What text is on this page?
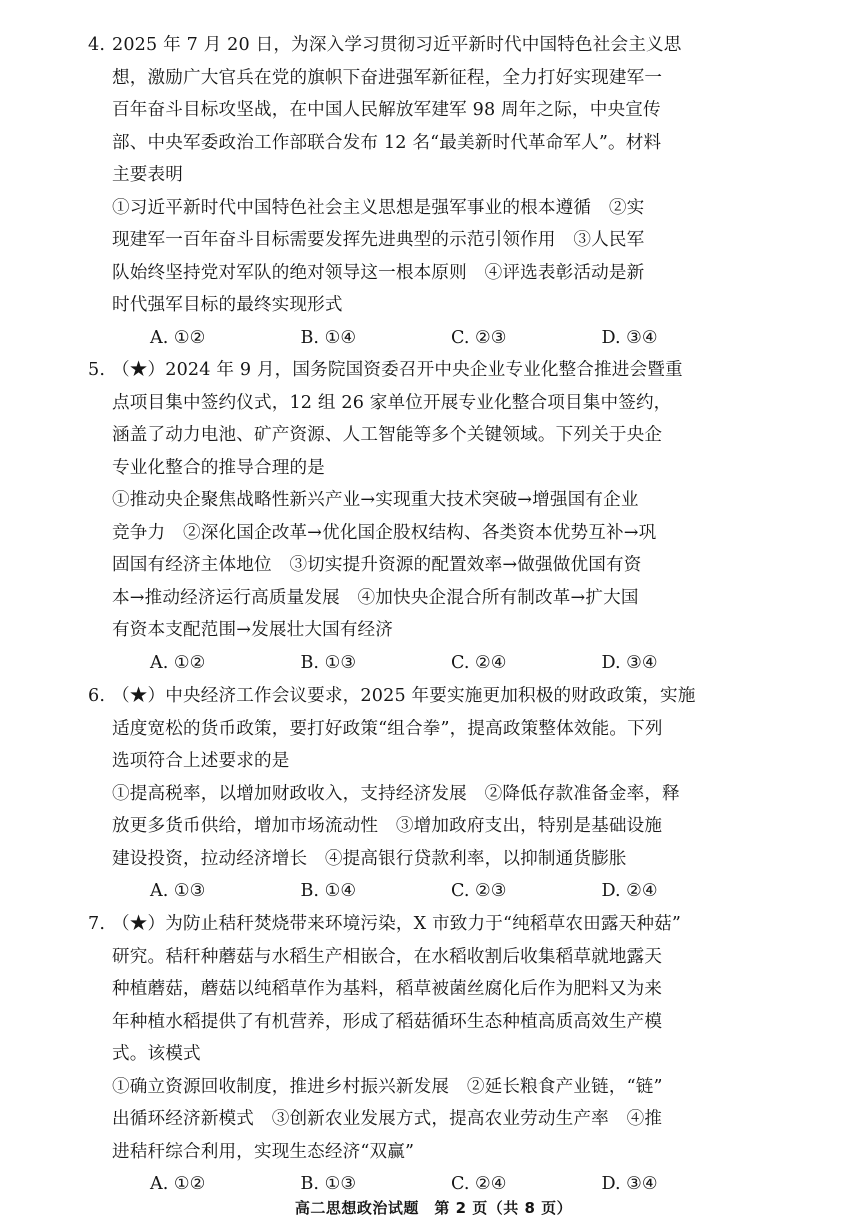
4. 2025 年 7 月 20 日，为深入学习贯彻习近平新时代中国特色社会主义思
想，激励广大官兵在党的旗帜下奋进强军新征程，全力打好实现建军一
百年奋斗目标攻坚战，在中国人民解放军建军 98 周年之际，中央宣传
部、中央军委政治工作部联合发布 12 名“最美新时代革命军人”。材料
主要表明
①习近平新时代中国特色社会主义思想是强军事业的根本遵循　②实
现建军一百年奋斗目标需要发挥先进典型的示范引领作用　③人民军
队始终坚持党对军队的绝对领导这一根本原则　④评选表彰活动是新
时代强军目标的最终实现形式
A. ①②	B. ①④	C. ②③	D. ③④
5. （★）2024 年 9 月，国务院国资委召开中央企业专业化整合推进会暨重
点项目集中签约仪式，12 组 26 家单位开展专业化整合项目集中签约，
涵盖了动力电池、矿产资源、人工智能等多个关键领域。下列关于央企
专业化整合的推导合理的是
①推动央企聚焦战略性新兴产业→实现重大技术突破→增强国有企业
竞争力　②深化国企改革→优化国企股权结构、各类资本优势互补→巩
固国有经济主体地位　③切实提升资源的配置效率→做强做优国有资
本→推动经济运行高质量发展　④加快央企混合所有制改革→扩大国
有资本支配范围→发展壮大国有经济
A. ①②	B. ①③	C. ②④	D. ③④
6. （★）中央经济工作会议要求，2025 年要实施更加积极的财政政策，实施
适度宽松的货币政策，要打好政策“组合拳”，提高政策整体效能。下列
选项符合上述要求的是
①提高税率，以增加财政收入，支持经济发展　②降低存款准备金率，释
放更多货币供给，增加市场流动性　③增加政府支出，特别是基础设施
建设投资，拉动经济增长　④提高银行贷款利率，以抑制通货膨胀
A. ①③	B. ①④	C. ②③	D. ②④
7. （★）为防止秸秆焚烧带来环境污染，X 市致力于“纯稻草农田露天种菇”
研究。秸秆种蘑菇与水稻生产相嵌合，在水稻收割后收集稻草就地露天
种植蘑菇，蘑菇以纯稻草作为基料，稻草被菌丝腐化后作为肥料又为来
年种植水稻提供了有机营养，形成了稻菇循环生态种植高质高效生产模
式。该模式
①确立资源回收制度，推进乡村振兴新发展　②延长粮食产业链，“链”
出循环经济新模式　③创新农业发展方式，提高农业劳动生产率　④推
进秸秆综合利用，实现生态经济“双赢”
A. ①②	B. ①③	C. ②④	D. ③④
高二思想政治试题　第 2 页（共 8 页）
